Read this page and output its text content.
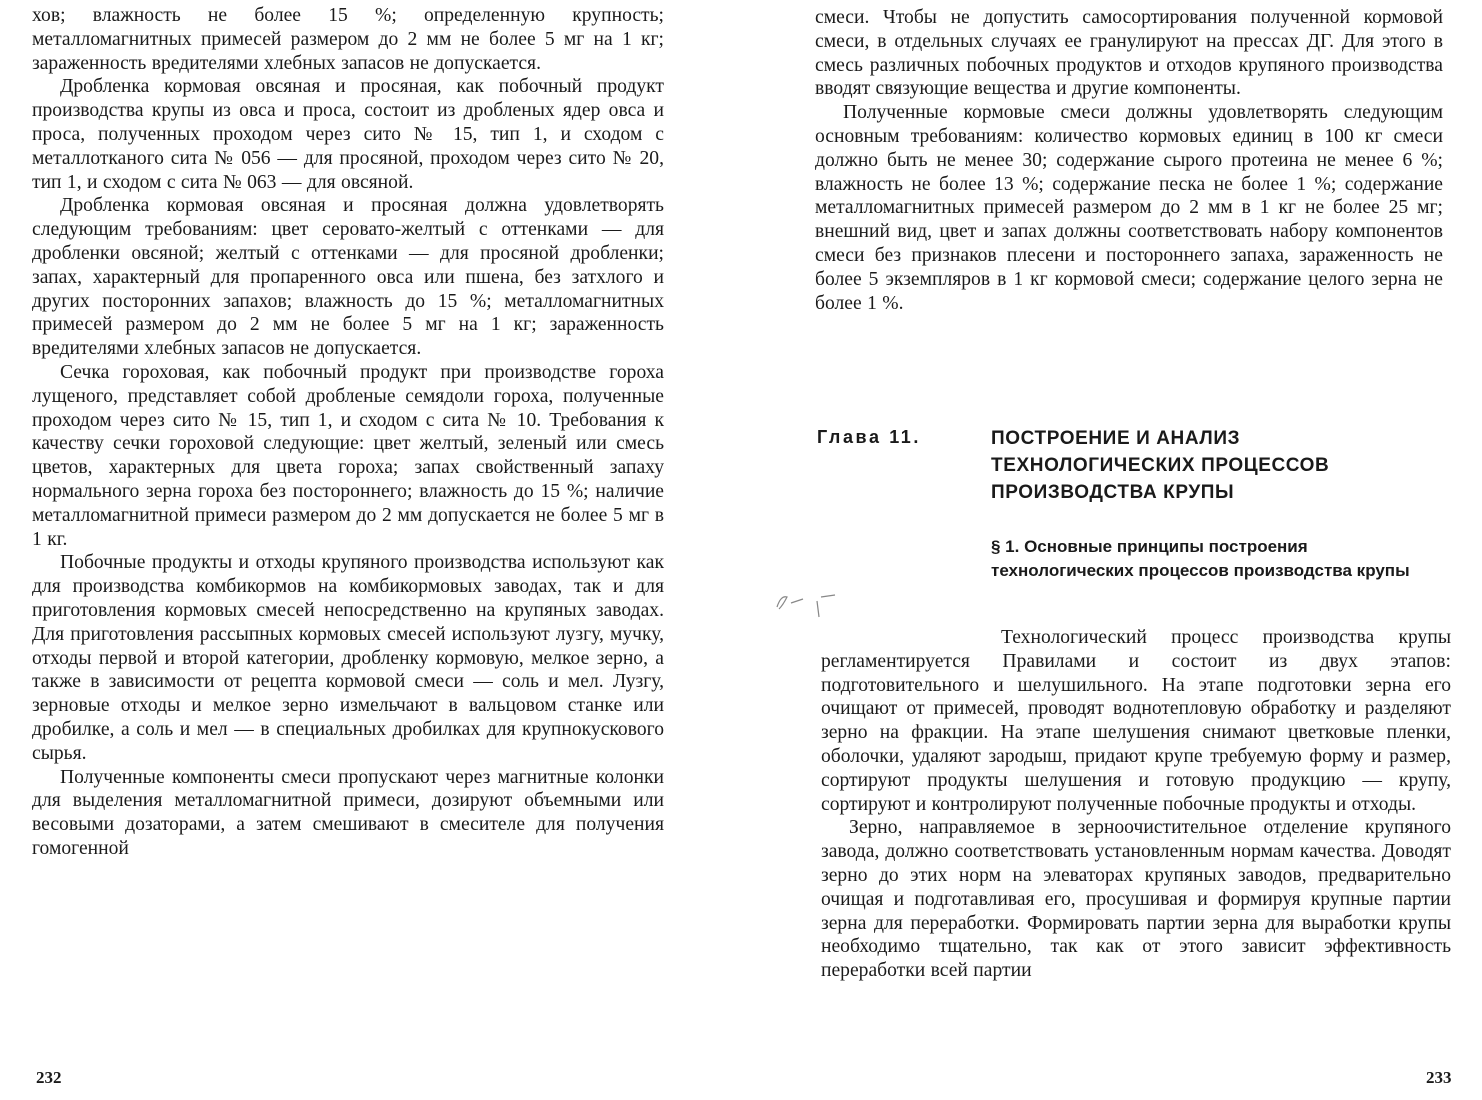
хов; влажность не более 15 %; определенную крупность; металломагнитных примесей размером до 2 мм не более 5 мг на 1 кг; зараженность вредителями хлебных запасов не допускается.

Дробленка кормовая овсяная и просяная, как побочный продукт производства крупы из овса и проса, состоит из дробленых ядер овса и проса, полученных проходом через сито № 15, тип 1, и сходом с металлотканого сита № 056 — для просяной, проходом через сито № 20, тип 1, и сходом с сита № 063 — для овсяной.

Дробленка кормовая овсяная и просяная должна удовлетворять следующим требованиям: цвет серовато-желтый с оттенками — для дробленки овсяной; желтый с оттенками — для просяной дробленки; запах, характерный для пропаренного овса или пшена, без затхлого и других посторонних запахов; влажность до 15 %; металломагнитных примесей размером до 2 мм не более 5 мг на 1 кг; зараженность вредителями хлебных запасов не допускается.

Сечка гороховая, как побочный продукт при производстве гороха лущеного, представляет собой дробленые семядоли гороха, полученные проходом через сито № 15, тип 1, и сходом с сита № 10. Требования к качеству сечки гороховой следующие: цвет желтый, зеленый или смесь цветов, характерных для цвета гороха; запах свойственный запаху нормального зерна гороха без постороннего; влажность до 15 %; наличие металломагнитной примеси размером до 2 мм допускается не более 5 мг в 1 кг.

Побочные продукты и отходы крупяного производства используют как для производства комбикормов на комбикормовых заводах, так и для приготовления кормовых смесей непосредственно на крупяных заводах. Для приготовления рассыпных кормовых смесей используют лузгу, мучку, отходы первой и второй категории, дробленку кормовую, мелкое зерно, а также в зависимости от рецепта кормовой смеси — соль и мел. Лузгу, зерновые отходы и мелкое зерно измельчают в вальцовом станке или дробилке, а соль и мел — в специальных дробилках для крупнокускового сырья.

Полученные компоненты смеси пропускают через магнитные колонки для выделения металломагнитной примеси, дозируют объемными или весовыми дозаторами, а затем смешивают в смесителе для получения гомогенной

232

смеси. Чтобы не допустить самосортирования полученной кормовой смеси, в отдельных случаях ее гранулируют на прессах ДГ. Для этого в смесь различных побочных продуктов и отходов крупяного производства вводят связующие вещества и другие компоненты.

Полученные кормовые смеси должны удовлетворять следующим основным требованиям: количество кормовых единиц в 100 кг смеси должно быть не менее 30; содержание сырого протеина не менее 6 %; влажность не более 13 %; содержание песка не более 1 %; содержание металломагнитных примесей размером до 2 мм в 1 кг не более 25 мг; внешний вид, цвет и запах должны соответствовать набору компонентов смеси без признаков плесени и постороннего запаха, зараженность не более 5 экземпляров в 1 кг кормовой смеси; содержание целого зерна не более 1 %.

Глава 11.	ПОСТРОЕНИЕ И АНАЛИЗ ТЕХНОЛОГИЧЕСКИХ ПРОЦЕССОВ ПРОИЗВОДСТВА КРУПЫ
§ 1. Основные принципы построения технологических процессов производства крупы

Технологический процесс производства крупы регламентируется Правилами и состоит из двух этапов: подготовительного и шелушильного. На этапе подготовки зерна его очищают от примесей, проводят воднотепловую обработку и разделяют зерно на фракции. На этапе шелушения снимают цветковые пленки, оболочки, удаляют зародыш, придают крупе требуемую форму и размер, сортируют продукты шелушения и готовую продукцию — крупу, сортируют и контролируют полученные побочные продукты и отходы.

Зерно, направляемое в зерноочистительное отделение крупяного завода, должно соответствовать установленным нормам качества. Доводят зерно до этих норм на элеваторах крупяных заводов, предварительно очищая и подготавливая его, просушивая и формируя крупные партии зерна для переработки. Формировать партии зерна для выработки крупы необходимо тщательно, так как от этого зависит эффективность переработки всей партии

233
